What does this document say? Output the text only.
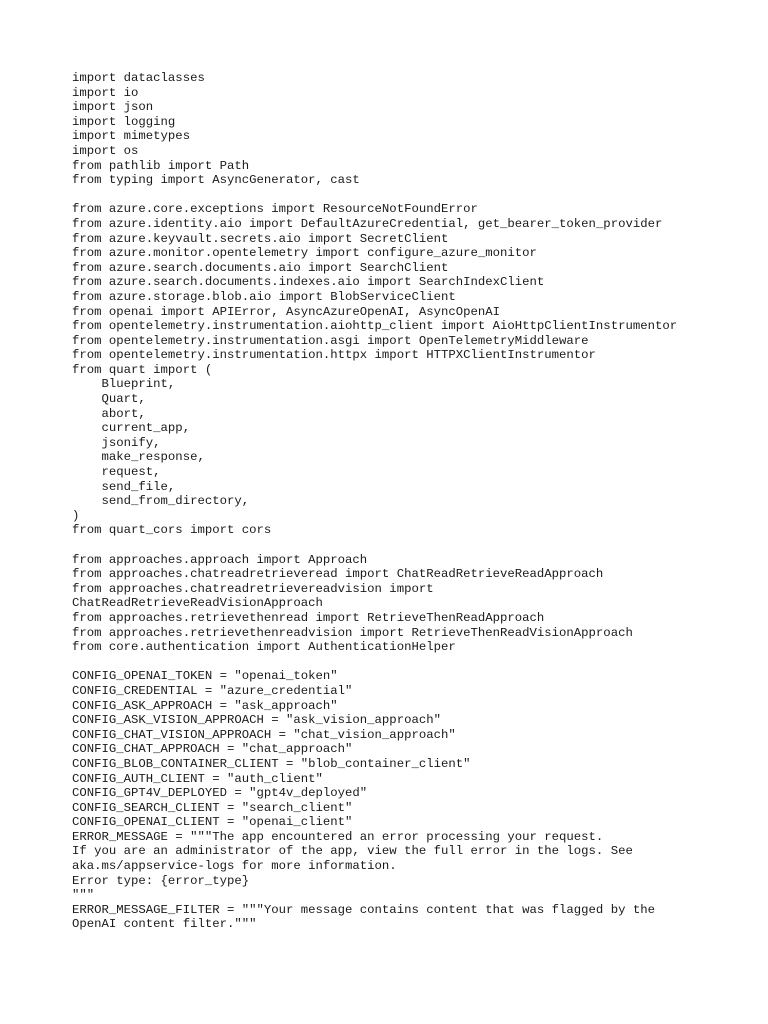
import dataclasses
import io
import json
import logging
import mimetypes
import os
from pathlib import Path
from typing import AsyncGenerator, cast
from azure.core.exceptions import ResourceNotFoundError
from azure.identity.aio import DefaultAzureCredential, get_bearer_token_provider
from azure.keyvault.secrets.aio import SecretClient
from azure.monitor.opentelemetry import configure_azure_monitor
from azure.search.documents.aio import SearchClient
from azure.search.documents.indexes.aio import SearchIndexClient
from azure.storage.blob.aio import BlobServiceClient
from openai import APIError, AsyncAzureOpenAI, AsyncOpenAI
from opentelemetry.instrumentation.aiohttp_client import AioHttpClientInstrumentor
from opentelemetry.instrumentation.asgi import OpenTelemetryMiddleware
from opentelemetry.instrumentation.httpx import HTTPXClientInstrumentor
from quart import (
Blueprint,
Quart,
abort,
current_app,
jsonify,
make_response,
request,
send_file,
send_from_directory,
)
from quart_cors import cors
from approaches.approach import Approach
from approaches.chatreadretrieveread import ChatReadRetrieveReadApproach
from approaches.chatreadretrievereadvision import
ChatReadRetrieveReadVisionApproach
from approaches.retrievethenread import RetrieveThenReadApproach
from approaches.retrievethenreadvision import RetrieveThenReadVisionApproach
from core.authentication import AuthenticationHelper
CONFIG_OPENAI_TOKEN = "openai_token"
CONFIG_CREDENTIAL = "azure_credential"
CONFIG_ASK_APPROACH = "ask_approach"
CONFIG_ASK_VISION_APPROACH = "ask_vision_approach"
CONFIG_CHAT_VISION_APPROACH = "chat_vision_approach"
CONFIG_CHAT_APPROACH = "chat_approach"
CONFIG_BLOB_CONTAINER_CLIENT = "blob_container_client"
CONFIG_AUTH_CLIENT = "auth_client"
CONFIG_GPT4V_DEPLOYED = "gpt4v_deployed"
CONFIG_SEARCH_CLIENT = "search_client"
CONFIG_OPENAI_CLIENT = "openai_client"
ERROR_MESSAGE = """The app encountered an error processing your request.
If you are an administrator of the app, view the full error in the logs. See
aka.ms/appservice-logs for more information.
Error type: {error_type}
"""
ERROR_MESSAGE_FILTER = """Your message contains content that was flagged by the
OpenAI content filter."""
